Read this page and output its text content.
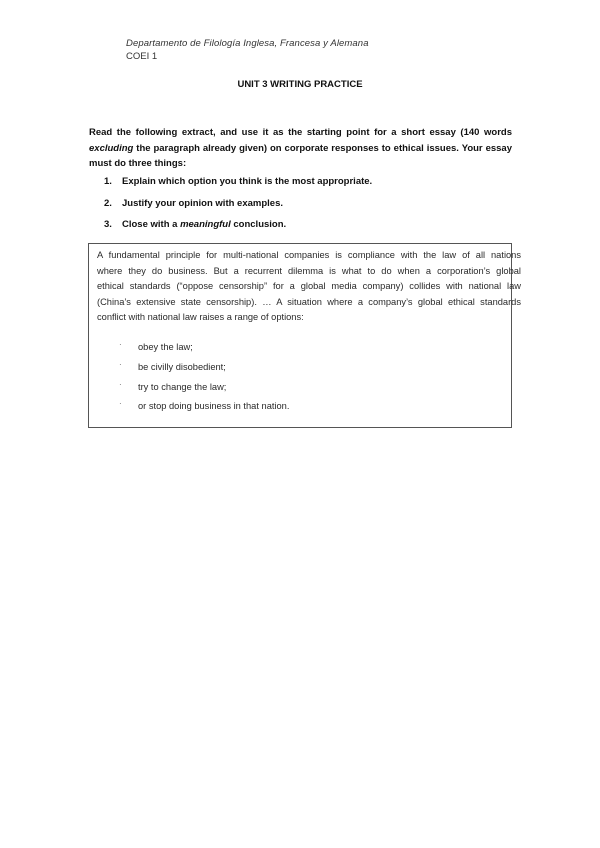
Departamento de Filología Inglesa, Francesa y Alemana
COEI 1
UNIT 3 WRITING PRACTICE

Read the following extract, and use it as the starting point for a short essay (140 words excluding the paragraph already given) on corporate responses to ethical issues. Your essay must do three things:

1. Explain which option you think is the most appropriate.
2. Justify your opinion with examples.
3. Close with a meaningful conclusion.
A fundamental principle for multi-national companies is compliance with the law of all nations
where they do business. But a recurrent dilemma is what to do when a corporation’s global
ethical standards (“oppose censorship” for a global media company) collides with national law
(China’s extensive state censorship). … A situation where a company’s global ethical standards
conflict with national law raises a range of options:
· obey the law;
· be civilly disobedient;
· try to change the law;
· or stop doing business in that nation.
